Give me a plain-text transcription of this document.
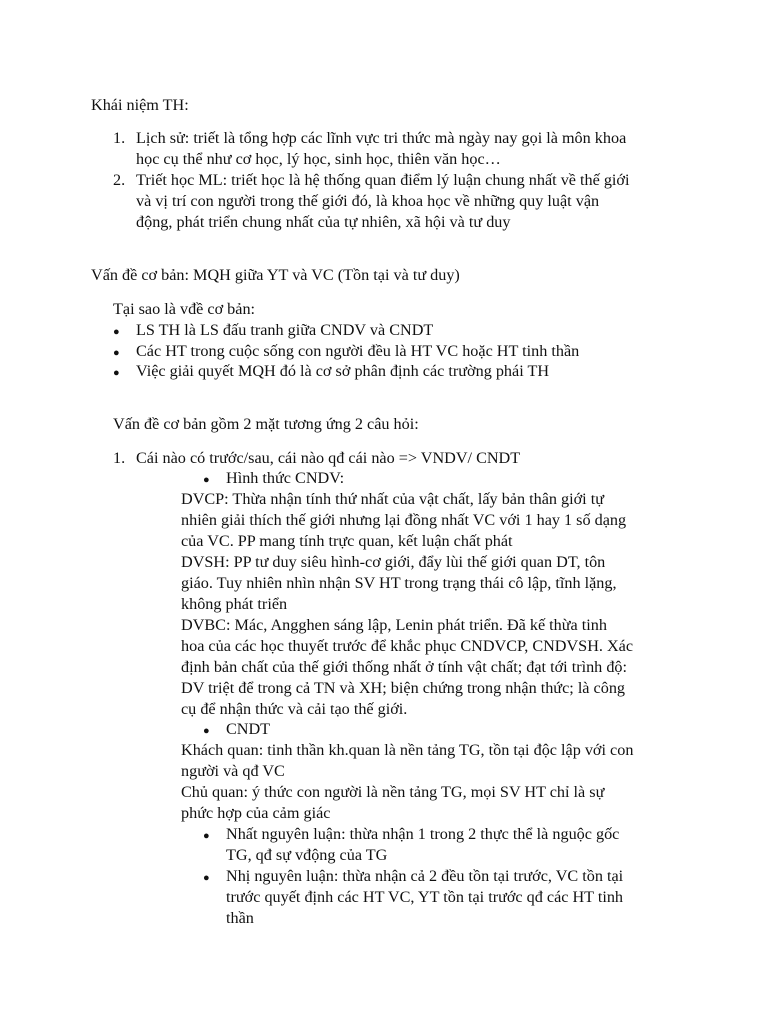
Khái niệm TH:
1. Lịch sử: triết là tổng hợp các lĩnh vực tri thức mà ngày nay gọi là môn khoa
học cụ thể như cơ học, lý học, sinh học, thiên văn học…
2. Triết học ML: triết học là hệ thống quan điểm lý luận chung nhất về thế giới
và vị trí con người trong thế giới đó, là khoa học về những quy luật vận
động, phát triển chung nhất của tự nhiên, xã hội và tư duy
Vấn đề cơ bản: MQH giữa YT và VC (Tồn tại và tư duy)
Tại sao là vđề cơ bản:
● LS TH là LS đấu tranh giữa CNDV và CNDT
● Các HT trong cuộc sống con người đều là HT VC hoặc HT tinh thần
● Việc giải quyết MQH đó là cơ sở phân định các trường phái TH
Vấn đề cơ bản gồm 2 mặt tương ứng 2 câu hỏi:
1. Cái nào có trước/sau, cái nào qđ cái nào => VNDV/ CNDT
● Hình thức CNDV:
DVCP: Thừa nhận tính thứ nhất của vật chất, lấy bản thân giới tự
nhiên giải thích thế giới nhưng lại đồng nhất VC với 1 hay 1 số dạng
của VC. PP mang tính trực quan, kết luận chất phát
DVSH: PP tư duy siêu hình-cơ giới, đẩy lùi thế giới quan DT, tôn
giáo. Tuy nhiên nhìn nhận SV HT trong trạng thái cô lập, tĩnh lặng,
không phát triển
DVBC: Mác, Angghen sáng lập, Lenin phát triển. Đã kế thừa tinh
hoa của các học thuyết trước để khắc phục CNDVCP, CNDVSH. Xác
định bản chất của thế giới thống nhất ở tính vật chất; đạt tới trình độ:
DV triệt để trong cả TN và XH; biện chứng trong nhận thức; là công
cụ để nhận thức và cải tạo thế giới.
● CNDT
Khách quan: tinh thần kh.quan là nền tảng TG, tồn tại độc lập với con
người và qđ VC
Chủ quan: ý thức con người là nền tảng TG, mọi SV HT chỉ là sự
phức hợp của cảm giác
● Nhất nguyên luận: thừa nhận 1 trong 2 thực thể là nguộc gốc
TG, qđ sự vđộng của TG
● Nhị nguyên luận: thừa nhận cả 2 đều tồn tại trước, VC tồn tại
trước quyết định các HT VC, YT tồn tại trước qđ các HT tinh
thần
